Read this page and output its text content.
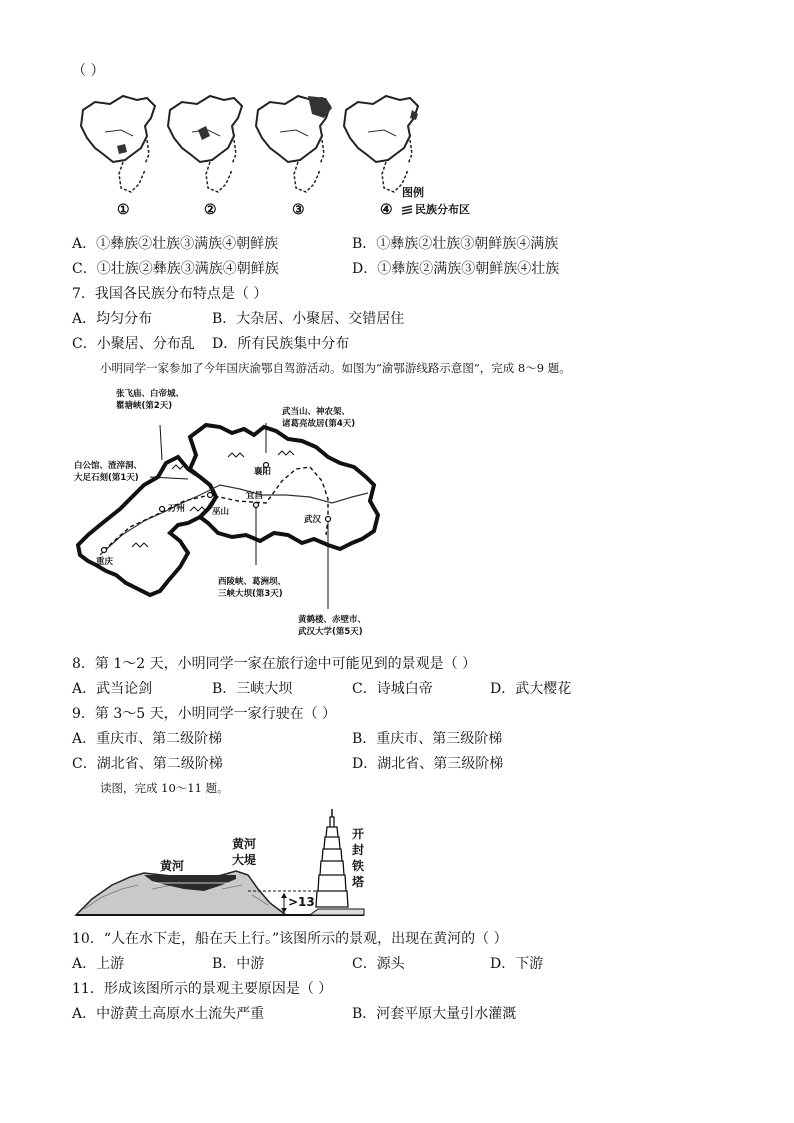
（ ）
①	②	③	④
图例
民族分布区
A．①彝族②壮族③满族④朝鲜族	B．①彝族②壮族③朝鲜族④满族
C．①壮族②彝族③满族④朝鲜族	D．①彝族②满族③朝鲜族④壮族
7．我国各民族分布特点是（ ）
A．均匀分布	B．大杂居、小聚居、交错居住
C．小聚居、分布乱 D．所有民族集中分布
小明同学一家参加了今年国庆渝鄂自驾游活动。如图为“渝鄂游线路示意图”，完成 8～9 题。
张飞庙、白帝城、
瞿塘峡(第2天)
白公馆、渣滓洞、
大足石刻(第1天)
武当山、神农架、
诸葛亮故居(第4天)
西陵峡、葛洲坝、
三峡大坝(第3天)
黄鹤楼、赤壁市、
武汉大学(第5天)
重庆
万州	巫山
宜昌
襄阳
武汉
8．第 1～2 天，小明同学一家在旅行途中可能见到的景观是（ ）
A．武当论剑	B．三峡大坝	C．诗城白帝	D．武大樱花
9．第 3～5 天，小明同学一家行驶在（ ）
A．重庆市、第二级阶梯	B．重庆市、第三级阶梯
C．湖北省、第二级阶梯	D．湖北省、第三级阶梯
读图，完成 10～11 题。
黄河
黄河
大堤
>13
开
封
铁
塔
10．“人在水下走，船在天上行。”该图所示的景观，出现在黄河的（ ）
A．上游	B．中游	C．源头	D．下游
11．形成该图所示的景观主要原因是（ ）
A．中游黄土高原水土流失严重	B．河套平原大量引水灌溉
